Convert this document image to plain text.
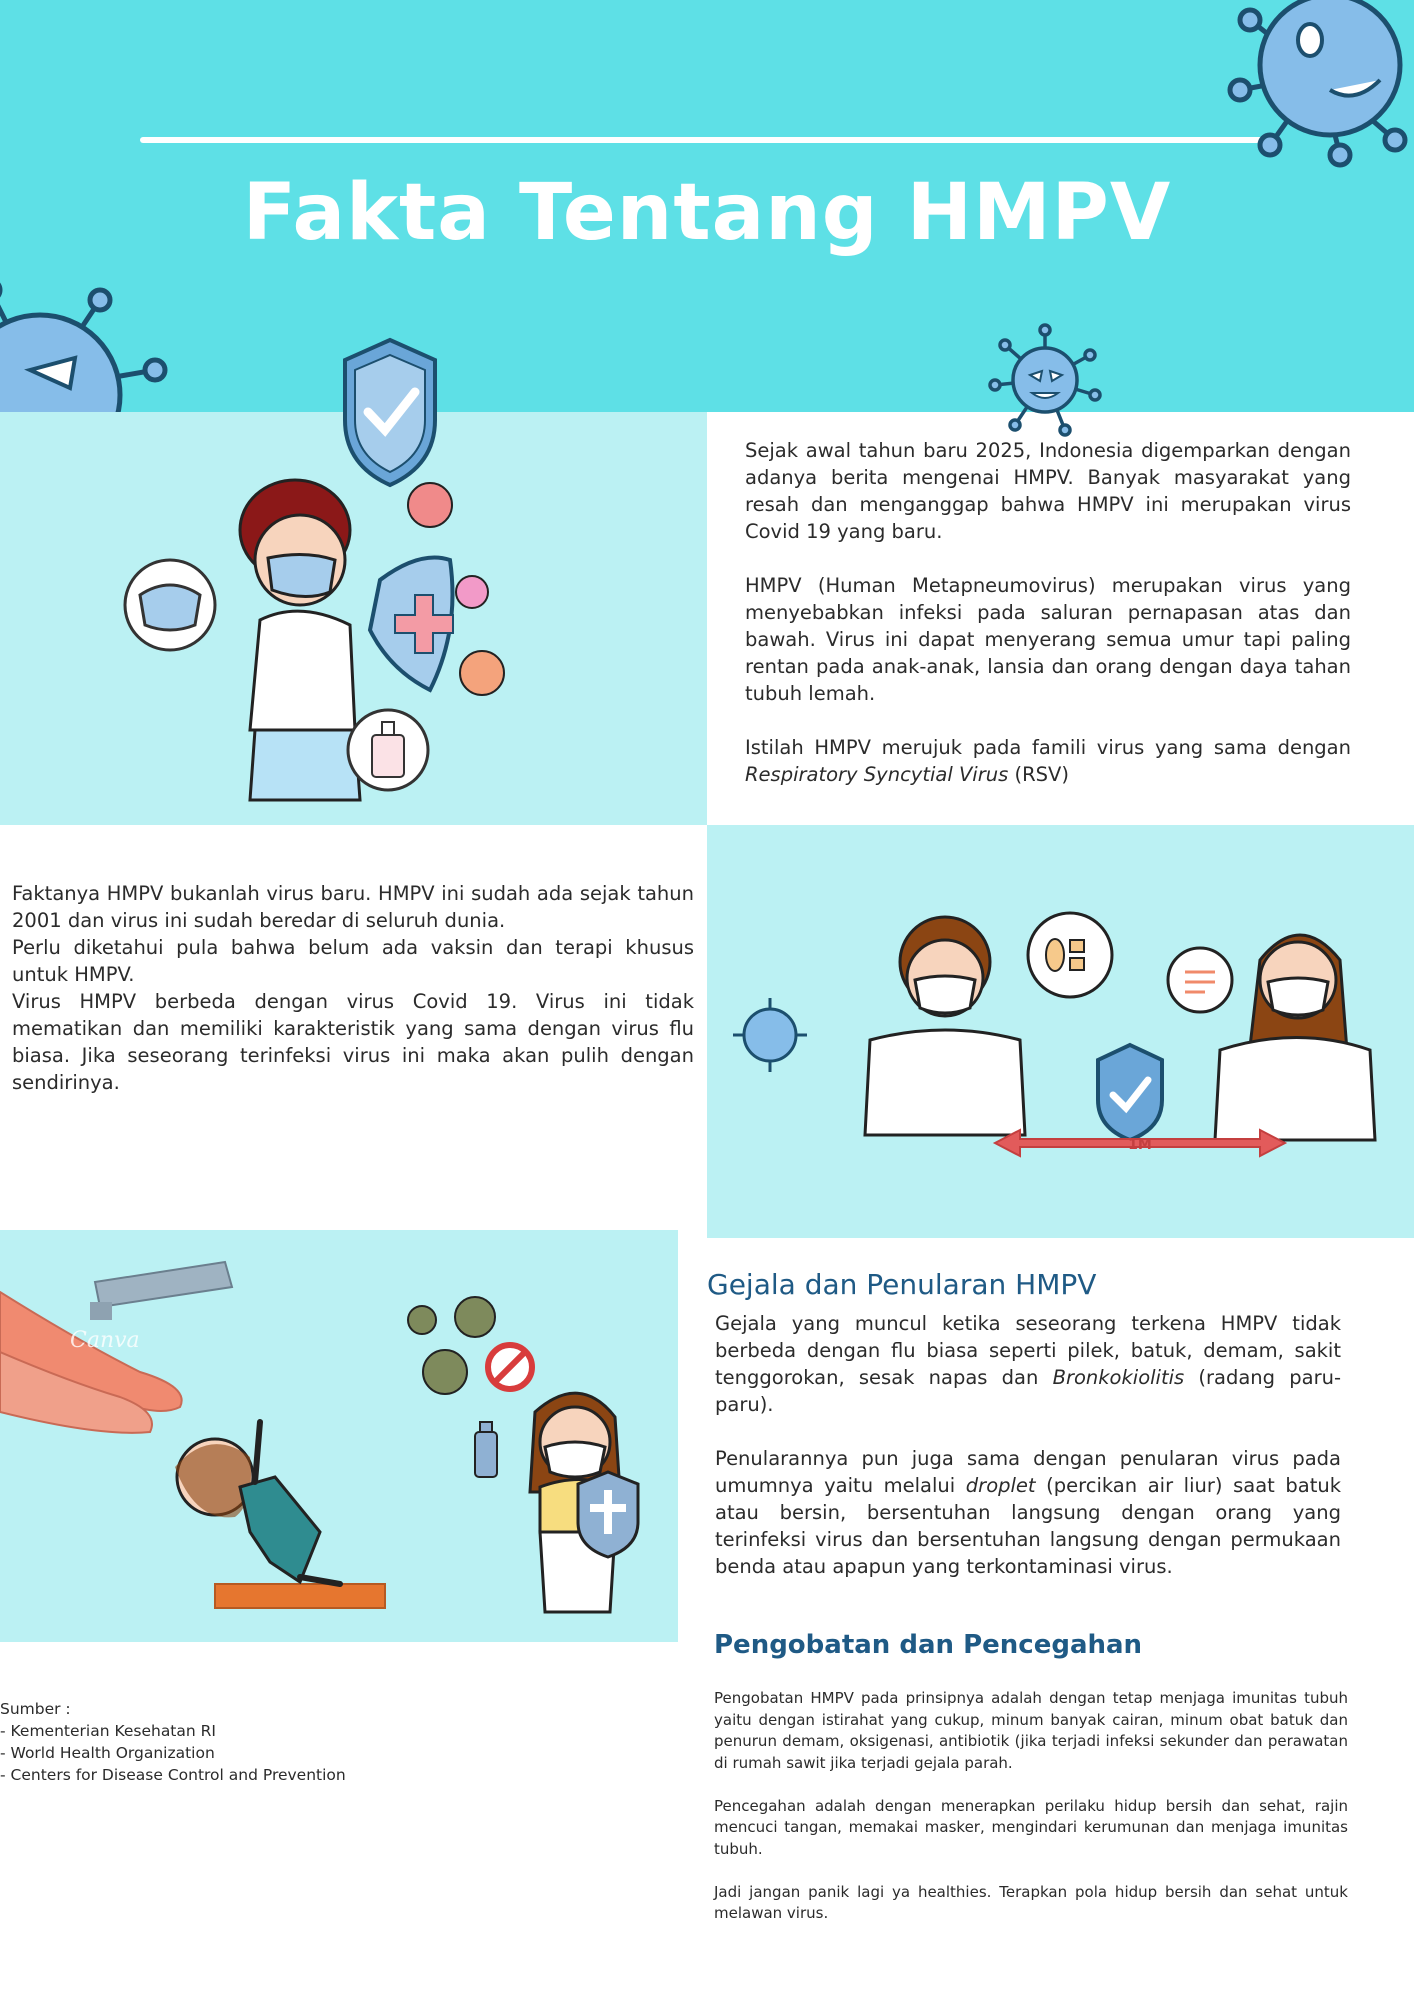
Fakta Tentang HMPV

Sejak awal tahun baru 2025, Indonesia digemparkan dengan adanya berita mengenai HMPV. Banyak masyarakat yang resah dan menganggap bahwa HMPV ini merupakan virus Covid 19 yang baru.

HMPV (Human Metapneumovirus) merupakan virus yang menyebabkan infeksi pada saluran pernapasan atas dan bawah. Virus ini dapat menyerang semua umur tapi paling rentan pada anak-anak, lansia dan orang dengan daya tahan tubuh lemah.

Istilah HMPV merujuk pada famili virus yang sama dengan Respiratory Syncytial Virus (RSV)

Faktanya HMPV bukanlah virus baru. HMPV ini sudah ada sejak tahun 2001 dan virus ini sudah beredar di seluruh dunia.
Perlu diketahui pula bahwa belum ada vaksin dan terapi khusus untuk HMPV.
Virus HMPV berbeda dengan virus Covid 19. Virus ini tidak mematikan dan memiliki karakteristik yang sama dengan virus flu biasa. Jika seseorang terinfeksi virus ini maka akan pulih dengan sendirinya.
1M
Canva
Gejala dan Penularan HMPV

Gejala yang muncul ketika seseorang terkena HMPV tidak berbeda dengan flu biasa seperti pilek, batuk, demam, sakit tenggorokan, sesak napas dan Bronkokiolitis (radang paru-paru).

Penularannya pun juga sama dengan penularan virus pada umumnya yaitu melalui droplet (percikan air liur) saat batuk atau bersin, bersentuhan langsung dengan orang yang terinfeksi virus dan bersentuhan langsung dengan permukaan benda atau apapun yang terkontaminasi virus.

Pengobatan dan Pencegahan

Pengobatan HMPV pada prinsipnya adalah dengan tetap menjaga imunitas tubuh yaitu dengan istirahat yang cukup, minum banyak cairan, minum obat batuk dan penurun demam, oksigenasi, antibiotik (jika terjadi infeksi sekunder dan perawatan di rumah sawit jika terjadi gejala parah.

Pencegahan adalah dengan menerapkan perilaku hidup bersih dan sehat, rajin mencuci tangan, memakai masker, mengindari kerumunan dan menjaga imunitas tubuh.

Jadi jangan panik lagi ya healthies. Terapkan pola hidup bersih dan sehat untuk melawan virus.

Sumber :
- Kementerian Kesehatan RI
- World Health Organization
- Centers for Disease Control and Prevention
